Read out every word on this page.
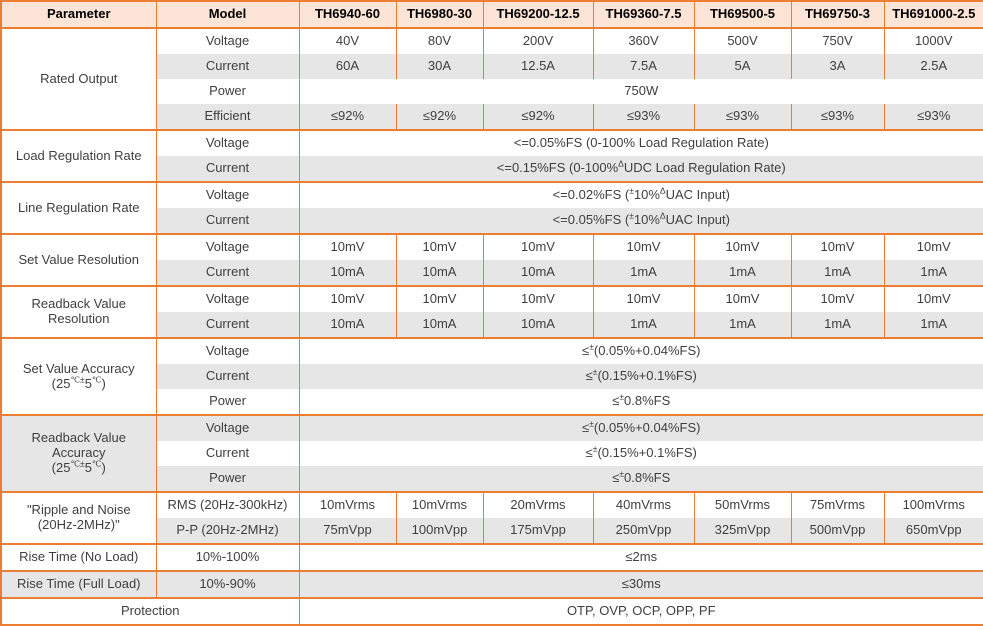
Parameter	Model	TH6940-60	TH6980-30	TH69200-12.5	TH69360-7.5	TH69500-5	TH69750-3	TH691000-2.5
Rated Output	Voltage	40V	80V	200V	360V	500V	750V	1000V
	Current	60A	30A	12.5A	7.5A	5A	3A	2.5A
	Power	750W						
	Efficient	≤92%	≤92%	≤92%	≤93%	≤93%	≤93%	≤93%
Load Regulation Rate	Voltage	<=0.05%FS (0-100% Load Regulation Rate)						
	Current	<=0.15%FS (0-100%$^\Delta$UDC Load Regulation Rate)						
Line Regulation Rate	Voltage	<=0.02%FS (±10%$^\Delta$UAC Input)						
	Current	<=0.05%FS (±10%$^\Delta$UAC Input)						
Set Value Resolution	Voltage	10mV	10mV	10mV	10mV	10mV	10mV	10mV
	Current	10mA	10mA	10mA	1mA	1mA	1mA	1mA
Readback Value
Resolution	Voltage	10mV	10mV	10mV	10mV	10mV	10mV	10mV
	Current	10mA	10mA	10mA	1mA	1mA	1mA	1mA
Set Value Accuracy
(25℃±5℃)	Voltage	≤±(0.05%+0.04%FS)						
	Current	≤±(0.15%+0.1%FS)						
	Power	≤±0.8%FS						
Readback Value
Accuracy
(25℃±5℃)	Voltage	≤±(0.05%+0.04%FS)						
	Current	≤±(0.15%+0.1%FS)						
	Power	≤±0.8%FS						
"Ripple and Noise
(20Hz-2MHz)"	RMS (20Hz-300kHz)	10mVrms	10mVrms	20mVrms	40mVrms	50mVrms	75mVrms	100mVrms
	P-P (20Hz-2MHz)	75mVpp	100mVpp	175mVpp	250mVpp	325mVpp	500mVpp	650mVpp
Rise Time (No Load)	10%-100%	≤2ms						
Rise Time (Full Load)	10%-90%	≤30ms						
Protection		OTP, OVP, OCP, OPP, PF						
